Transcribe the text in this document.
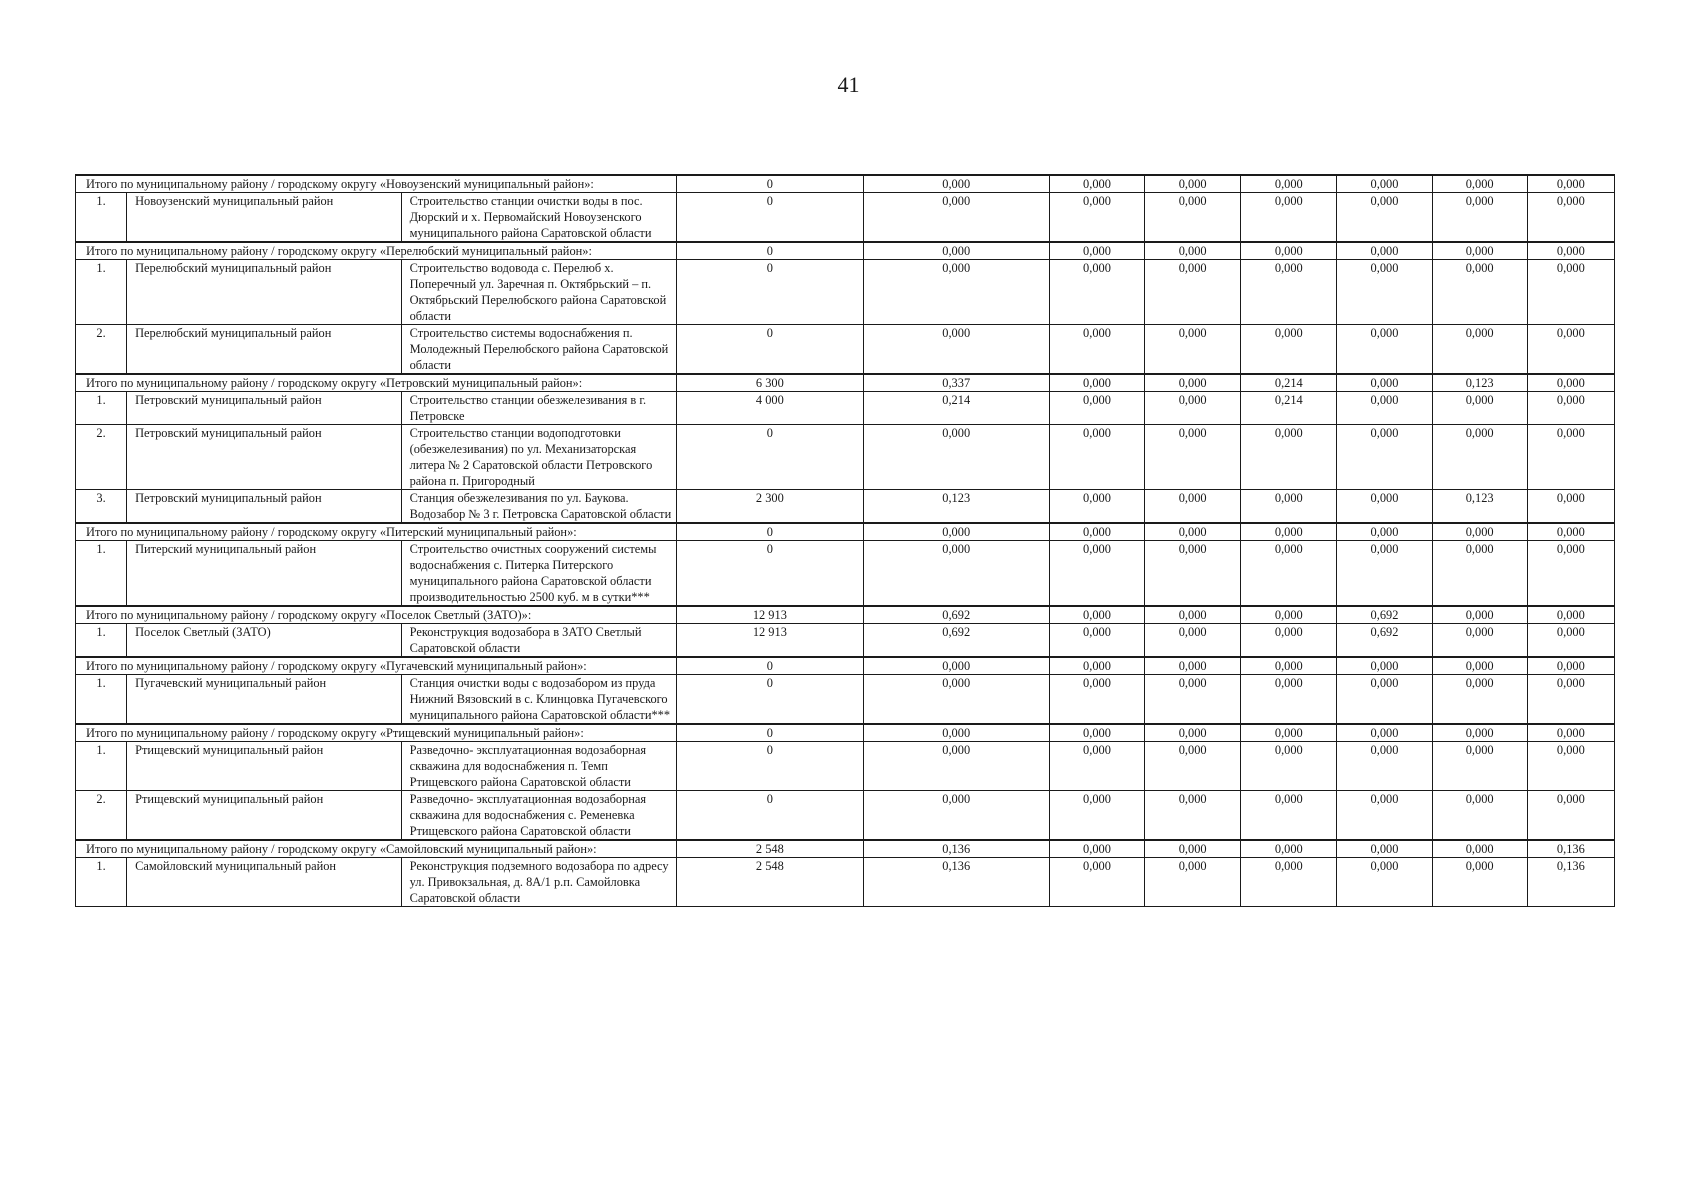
41
Итого по муниципальному району / городскому округу «Новоузенский муниципальный район»:			0	0,000	0,000	0,000	0,000	0,000	0,000	0,000
1.	Новоузенский муниципальный район	Строительство станции очистки воды в пос. Дюрский и х. Первомайский Новоузенского муниципального района Саратовской области	0	0,000	0,000	0,000	0,000	0,000	0,000	0,000
Итого по муниципальному району / городскому округу «Перелюбский муниципальный район»:			0	0,000	0,000	0,000	0,000	0,000	0,000	0,000
1.	Перелюбский муниципальный район	Строительство водовода с. Перелюб х. Поперечный ул. Заречная п. Октябрьский – п. Октябрьский Перелюбского района Саратовской области	0	0,000	0,000	0,000	0,000	0,000	0,000	0,000
2.	Перелюбский муниципальный район	Строительство системы водоснабжения п. Молодежный Перелюбского района Саратовской области	0	0,000	0,000	0,000	0,000	0,000	0,000	0,000
Итого по муниципальному району / городскому округу «Петровский муниципальный район»:			6 300	0,337	0,000	0,000	0,214	0,000	0,123	0,000
1.	Петровский муниципальный район	Строительство станции обезжелезивания в г. Петровске	4 000	0,214	0,000	0,000	0,214	0,000	0,000	0,000
2.	Петровский муниципальный район	Строительство станции водоподготовки (обезжелезивания) по ул. Механизаторская литера № 2 Саратовской области Петровского района п. Пригородный	0	0,000	0,000	0,000	0,000	0,000	0,000	0,000
3.	Петровский муниципальный район	Станция обезжелезивания по ул. Баукова. Водозабор № 3 г. Петровска Саратовской области	2 300	0,123	0,000	0,000	0,000	0,000	0,123	0,000
Итого по муниципальному району / городскому округу «Питерский муниципальный район»:			0	0,000	0,000	0,000	0,000	0,000	0,000	0,000
1.	Питерский муниципальный район	Строительство очистных сооружений системы водоснабжения с. Питерка Питерского муниципального района Саратовской области производительностью 2500 куб. м в сутки***	0	0,000	0,000	0,000	0,000	0,000	0,000	0,000
Итого по муниципальному району / городскому округу «Поселок Светлый (ЗАТО)»:			12 913	0,692	0,000	0,000	0,000	0,692	0,000	0,000
1.	Поселок Светлый (ЗАТО)	Реконструкция водозабора в ЗАТО Светлый Саратовской области	12 913	0,692	0,000	0,000	0,000	0,692	0,000	0,000
Итого по муниципальному району / городскому округу «Пугачевский муниципальный район»:			0	0,000	0,000	0,000	0,000	0,000	0,000	0,000
1.	Пугачевский муниципальный район	Станция очистки воды с водозабором из пруда Нижний Вязовский в с. Клинцовка Пугачевского муниципального района Саратовской области***	0	0,000	0,000	0,000	0,000	0,000	0,000	0,000
Итого по муниципальному району / городскому округу «Ртищевский муниципальный район»:			0	0,000	0,000	0,000	0,000	0,000	0,000	0,000
1.	Ртищевский муниципальный район	Разведочно- эксплуатационная водозаборная скважина для водоснабжения п. Темп Ртищевского района Саратовской области	0	0,000	0,000	0,000	0,000	0,000	0,000	0,000
2.	Ртищевский муниципальный район	Разведочно- эксплуатационная водозаборная скважина для водоснабжения с. Ременевка Ртищевского района Саратовской области	0	0,000	0,000	0,000	0,000	0,000	0,000	0,000
Итого по муниципальному району / городскому округу «Самойловский муниципальный район»:			2 548	0,136	0,000	0,000	0,000	0,000	0,000	0,136
1.	Самойловский муниципальный район	Реконструкция подземного водозабора по адресу ул. Привокзальная, д. 8А/1 р.п. Самойловка Саратовской области	2 548	0,136	0,000	0,000	0,000	0,000	0,000	0,136
